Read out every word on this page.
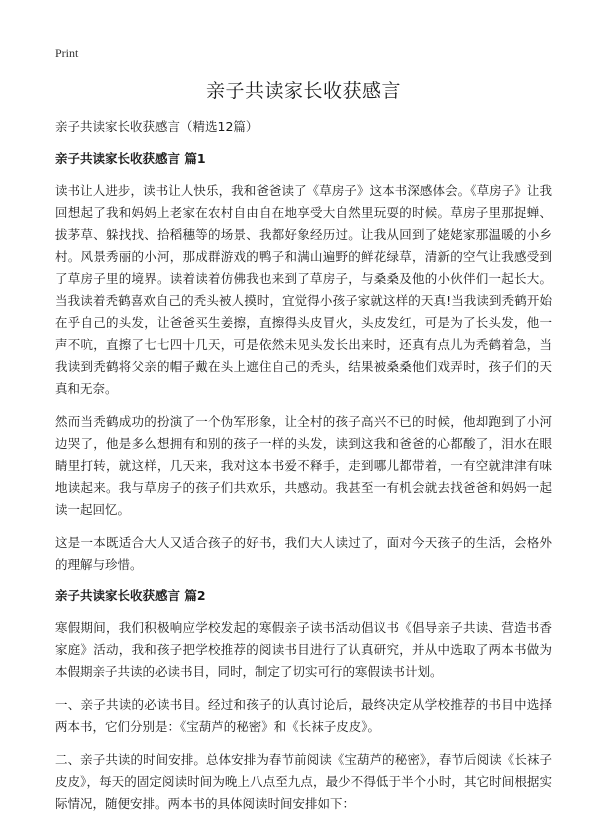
Print
亲子共读家长收获感言

亲子共读家长收获感言（精选12篇）

亲子共读家长收获感言 篇1

读书让人进步，读书让人快乐，我和爸爸读了《草房子》这本书深感体会。《草房子》让我回想起了我和妈妈上老家在农村自由自在地享受大自然里玩耍的时候。草房子里那捉蝉、拔茅草、躲找找、拾稻穗等的场景、我都好象经历过。让我从回到了姥姥家那温暖的小乡村。风景秀丽的小河，那成群游戏的鸭子和满山遍野的鲜花绿草，清新的空气让我感受到了草房子里的境界。读着读着仿佛我也来到了草房子，与桑桑及他的小伙伴们一起长大。当我读着秃鹤喜欢自己的秃头被人摸时，宜觉得小孩子家就这样的天真!当我读到秃鹤开始在乎自己的头发，让爸爸买生姜擦，直擦得头皮冒火，头皮发红，可是为了长头发，他一声不吭，直擦了七七四十几天，可是依然未见头发长出来时，还真有点儿为秃鹤着急，当我读到秃鹤将父亲的帽子戴在头上遮住自己的秃头，结果被桑桑他们戏弄时，孩子们的天真和无奈。

然而当秃鹤成功的扮演了一个伪军形象，让全村的孩子高兴不已的时候，他却跑到了小河边哭了，他是多么想拥有和别的孩子一样的头发，读到这我和爸爸的心都酸了，泪水在眼睛里打转，就这样，几天来，我对这本书爱不释手，走到哪儿都带着，一有空就津津有味地读起来。我与草房子的孩子们共欢乐，共感动。我甚至一有机会就去找爸爸和妈妈一起读一起回忆。

这是一本既适合大人又适合孩子的好书，我们大人读过了，面对今天孩子的生活，会格外的理解与珍惜。

亲子共读家长收获感言 篇2

寒假期间，我们积极响应学校发起的寒假亲子读书活动倡议书《倡导亲子共读、营造书香家庭》活动，我和孩子把学校推荐的阅读书目进行了认真研究，并从中选取了两本书做为本假期亲子共读的必读书目，同时，制定了切实可行的寒假读书计划。

一、亲子共读的必读书目。经过和孩子的认真讨论后，最终决定从学校推荐的书目中选择两本书，它们分别是：《宝葫芦的秘密》和《长袜子皮皮》。

二、亲子共读的时间安排。总体安排为春节前阅读《宝葫芦的秘密》，春节后阅读《长袜子皮皮》，每天的固定阅读时间为晚上八点至九点，最少不得低于半个小时，其它时间根据实际情况，随便安排。两本书的具体阅读时间安排如下：
